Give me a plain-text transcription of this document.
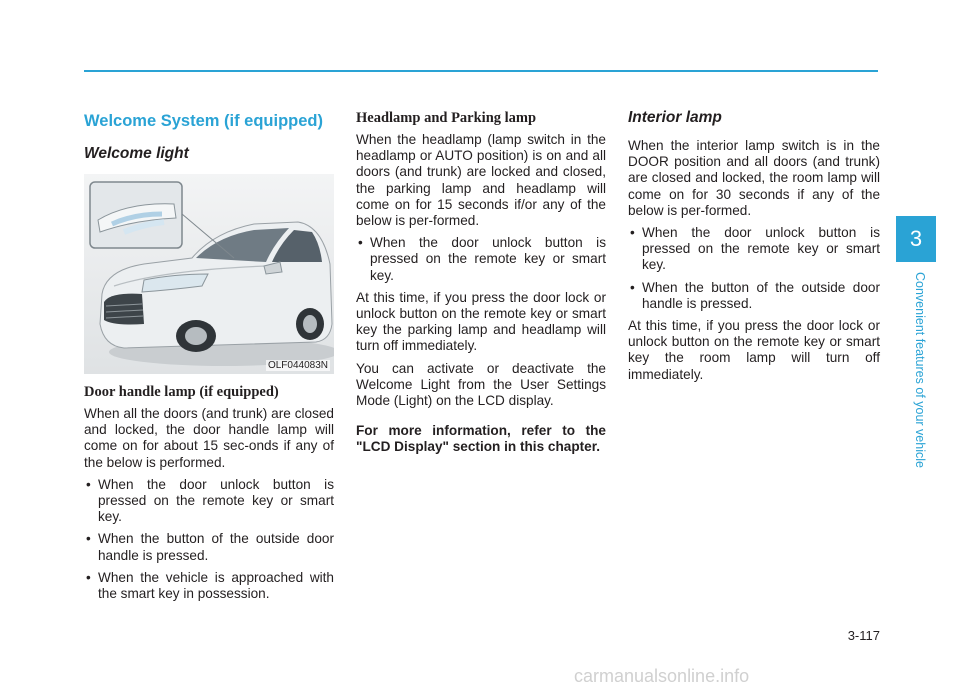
Welcome System (if equipped)
Welcome light
OLF044083N
Door handle lamp (if equipped)

When all the doors (and trunk) are closed and locked, the door handle lamp will come on for about 15 sec-onds if any of the below is performed.

• When the door unlock button is pressed on the remote key or smart key.
• When the button of the outside door handle is pressed.
• When the vehicle is approached with the smart key in possession.
Headlamp and Parking lamp

When the headlamp (lamp switch in the headlamp or AUTO position) is on and all doors (and trunk) are locked and closed, the parking lamp and headlamp will come on for 15 seconds if/or any of the below is per-formed.

• When the door unlock button is pressed on the remote key or smart key.

At this time, if you press the door lock or unlock button on the remote key or smart key the parking lamp and headlamp will turn off immediately.

You can activate or deactivate the Welcome Light from the User Settings Mode (Light) on the LCD display.

For more information, refer to the "LCD Display" section in this chapter.

Interior lamp

When the interior lamp switch is in the DOOR position and all doors (and trunk) are closed and locked, the room lamp will come on for 30 seconds if any of the below is per-formed.

• When the door unlock button is pressed on the remote key or smart key.
• When the button of the outside door handle is pressed.

At this time, if you press the door lock or unlock button on the remote key or smart key the room lamp will turn off immediately.

3
Convenient features of your vehicle
3-117
carmanualsonline.info
